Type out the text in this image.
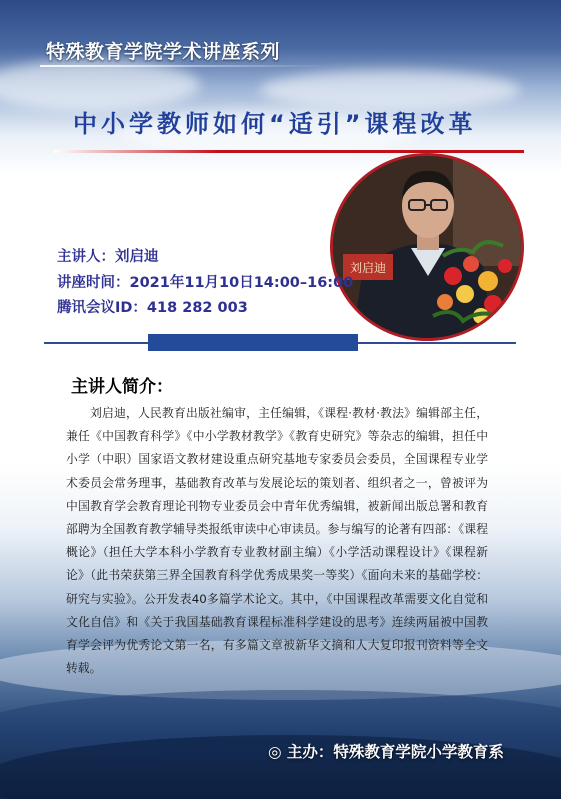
特殊教育学院学术讲座系列
中小学教师如何“适引”课程改革
刘启迪
主讲人：刘启迪
讲座时间：2021年11月10日14:00–16:00
腾讯会议ID：418 282 003
主讲人简介：
刘启迪，人民教育出版社编审，主任编辑，《课程·教材·教法》编辑部主任，兼任《中国教育科学》《中小学教材教学》《教育史研究》等杂志的编辑，担任中小学（中职）国家语文教材建设重点研究基地专家委员会委员，全国课程专业学术委员会常务理事，基础教育改革与发展论坛的策划者、组织者之一，曾被评为中国教育学会教育理论刊物专业委员会中青年优秀编辑，被新闻出版总署和教育部聘为全国教育教学辅导类报纸审读中心审读员。参与编写的论著有四部：《课程概论》（担任大学本科小学教育专业教材副主编）《小学活动课程设计》《课程新论》（此书荣获第三界全国教育科学优秀成果奖一等奖）《面向未来的基础学校：研究与实验》。公开发表40多篇学术论文。其中，《中国课程改革需要文化自觉和文化自信》和《关于我国基础教育课程标准科学建设的思考》连续两届被中国教育学会评为优秀论文第一名，有多篇文章被新华文摘和人大复印报刊资料等全文转载。
◎ 主办：特殊教育学院小学教育系
